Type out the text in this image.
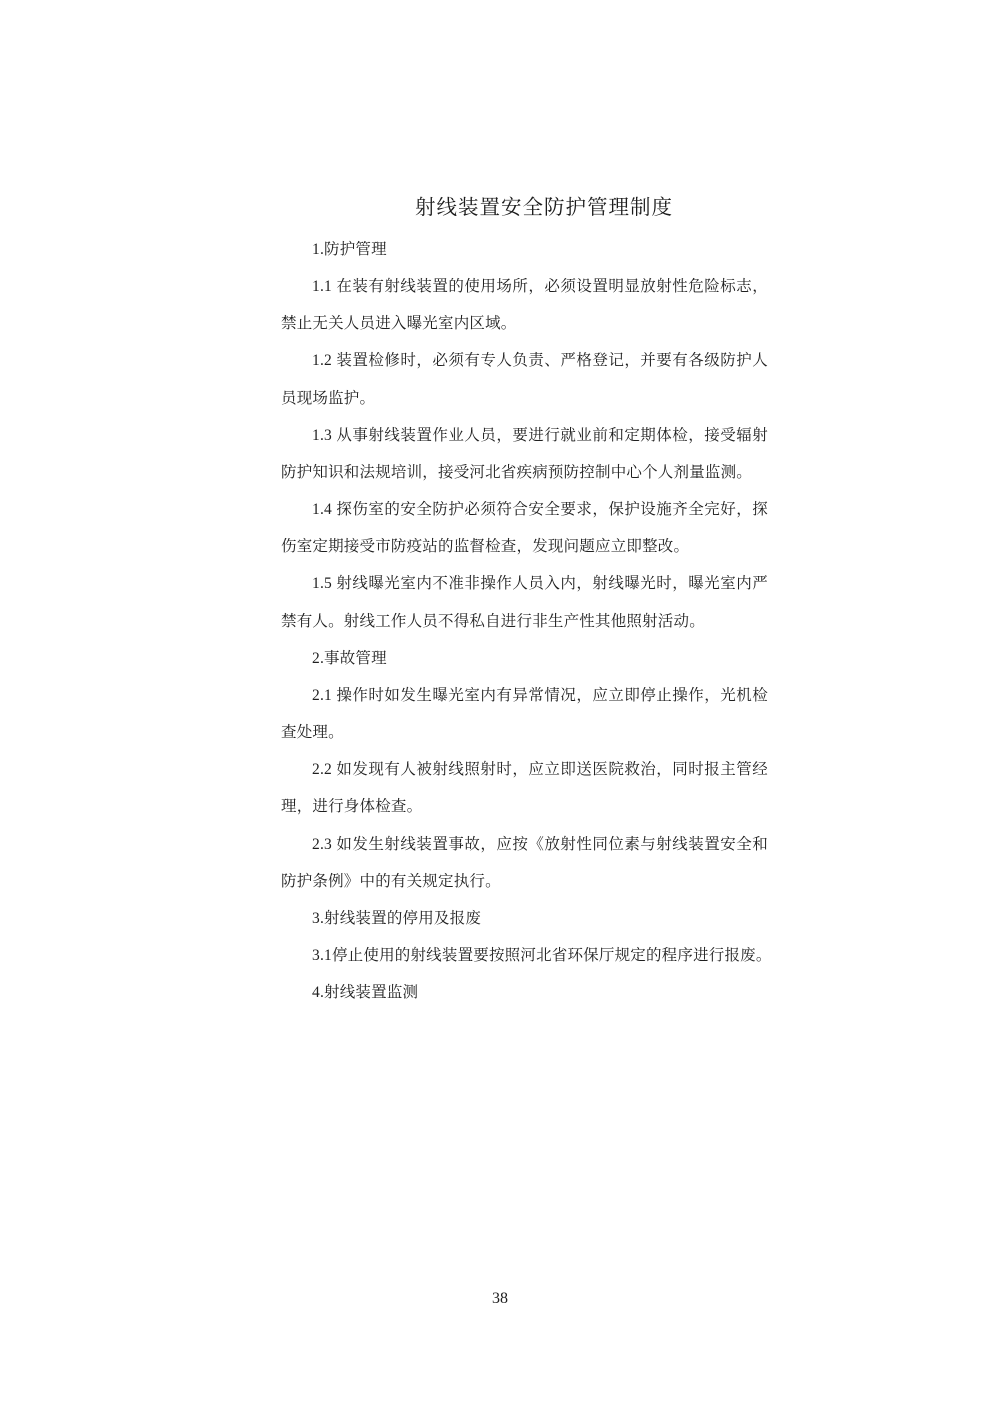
射线装置安全防护管理制度
1.防护管理
1.1 在装有射线装置的使用场所，必须设置明显放射性危险标志，
禁止无关人员进入曝光室内区域。
1.2 装置检修时，必须有专人负责、严格登记，并要有各级防护人
员现场监护。
1.3 从事射线装置作业人员，要进行就业前和定期体检，接受辐射
防护知识和法规培训，接受河北省疾病预防控制中心个人剂量监测。
1.4 探伤室的安全防护必须符合安全要求，保护设施齐全完好，探
伤室定期接受市防疫站的监督检查，发现问题应立即整改。
1.5 射线曝光室内不准非操作人员入内，射线曝光时，曝光室内严
禁有人。射线工作人员不得私自进行非生产性其他照射活动。
2.事故管理
2.1 操作时如发生曝光室内有异常情况，应立即停止操作，光机检
查处理。
2.2 如发现有人被射线照射时，应立即送医院救治，同时报主管经
理，进行身体检查。
2.3 如发生射线装置事故，应按《放射性同位素与射线装置安全和
防护条例》中的有关规定执行。
3.射线装置的停用及报废
3.1停止使用的射线装置要按照河北省环保厅规定的程序进行报废。
4.射线装置监测
38
